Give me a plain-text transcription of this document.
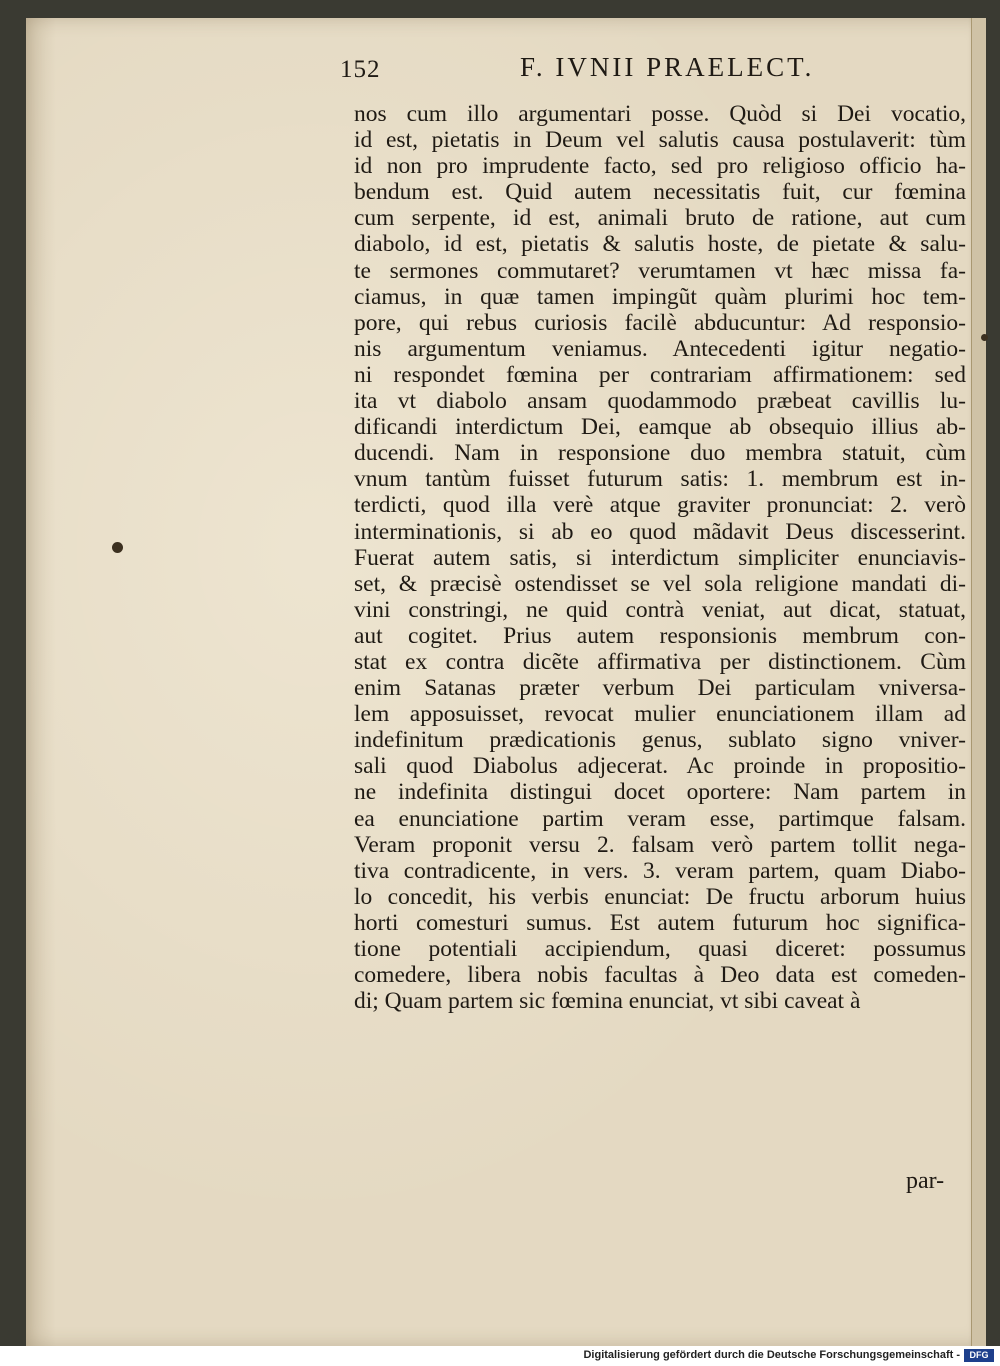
152	F. IVNII PRAELECT.
nos cum illo argumentari posse. Quòd si Dei vocatio,
id est, pietatis in Deum vel salutis causa postulaverit: tùm
id non pro imprudente facto, sed pro religioso officio ha-
bendum est. Quid autem necessitatis fuit, cur fœmina
cum serpente, id est, animali bruto de ratione, aut cum
diabolo, id est, pietatis & salutis hoste, de pietate & salu-
te sermones commutaret? verumtamen vt hæc missa fa-
ciamus, in quæ tamen impingũt quàm plurimi hoc tem-
pore, qui rebus curiosis facilè abducuntur: Ad responsio-
nis argumentum veniamus. Antecedenti igitur negatio-
ni respondet fœmina per contrariam affirmationem: sed
ita vt diabolo ansam quodammodo præbeat cavillis lu-
dificandi interdictum Dei, eamque ab obsequio illius ab-
ducendi. Nam in responsione duo membra statuit, cùm
vnum tantùm fuisset futurum satis: 1. membrum est in-
terdicti, quod illa verè atque graviter pronunciat: 2. verò
interminationis, si ab eo quod mãdavit Deus discesserint.
Fuerat autem satis, si interdictum simpliciter enunciavis-
set, & præcisè ostendisset se vel sola religione mandati di-
vini constringi, ne quid contrà veniat, aut dicat, statuat,
aut cogitet. Prius autem responsionis membrum con-
stat ex contra dicẽte affirmativa per distinctionem. Cùm
enim Satanas præter verbum Dei particulam vniversa-
lem apposuisset, revocat mulier enunciationem illam ad
indefinitum prædicationis genus, sublato signo vniver-
sali quod Diabolus adjecerat. Ac proinde in propositio-
ne indefinita distingui docet oportere: Nam partem in
ea enunciatione partim veram esse, partimque falsam.
Veram proponit versu 2. falsam verò partem tollit nega-
tiva contradicente, in vers. 3. veram partem, quam Diabo-
lo concedit, his verbis enunciat: De fructu arborum huius
horti comesturi sumus. Est autem futurum hoc significa-
tione potentiali accipiendum, quasi diceret: possumus
comedere, libera nobis facultas à Deo data est comeden-
di; Quam partem sic fœmina enunciat, vt sibi caveat à
par-
Digitalisierung gefördert durch die Deutsche Forschungsgemeinschaft -	DFG
